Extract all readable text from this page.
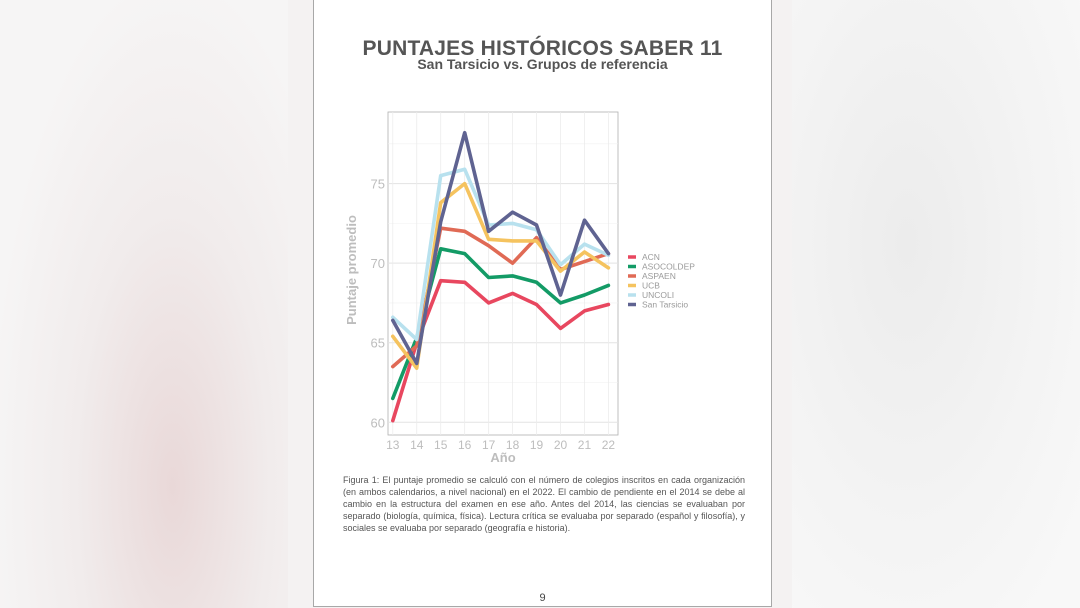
PUNTAJES HISTÓRICOS SABER 11
San Tarsicio vs. Grupos de referencia
60
65
70
75
13 14 15 16 17 18 19 20 21 22
ACN
ASOCOLDEP
ASPAEN
UCB
UNCOLI
San Tarsicio
Año
Puntaje promedio
Figura 1: El puntaje promedio se calculó con el número de colegios inscritos en cada organización (en ambos calendarios, a nivel nacional) en el 2022. El cambio de pendiente en el 2014 se debe al cambio en la estructura del examen en ese año. Antes del 2014, las ciencias se evaluaban por separado (biología, química, física). Lectura crítica se evaluaba por separado (español y filosofía), y sociales se evaluaba por separado (geografía e historia).
9
